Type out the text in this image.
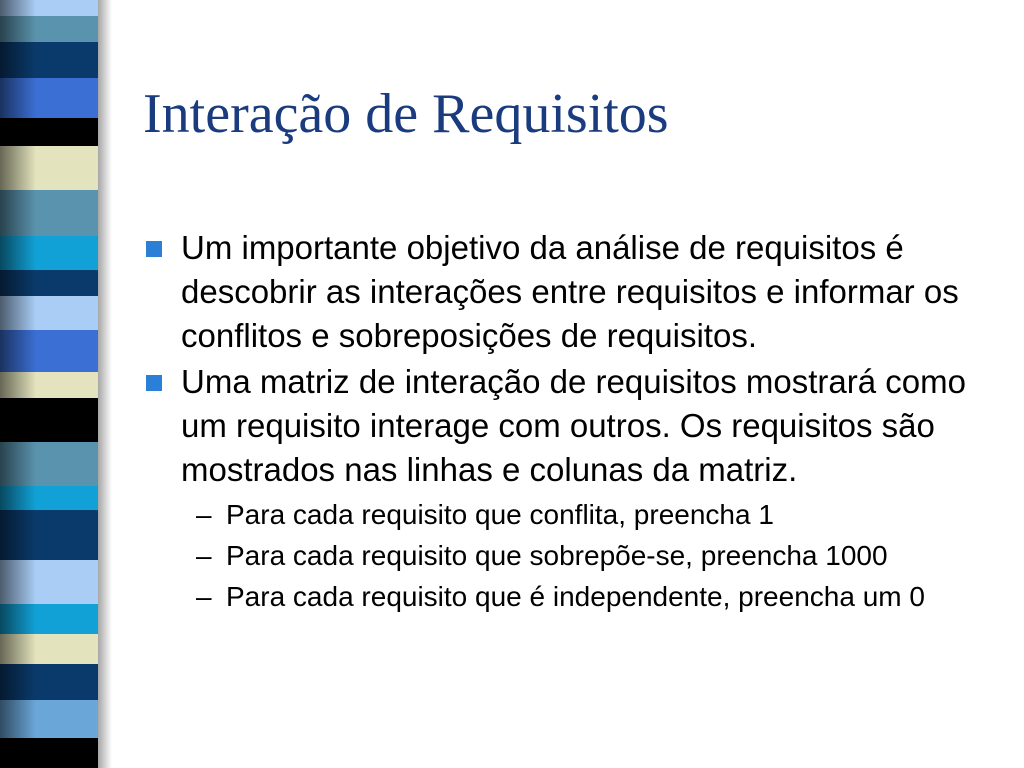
Interação de Requisitos
Um importante objetivo da análise de requisitos é descobrir as interações entre requisitos e informar os conflitos e sobreposições de requisitos.
Uma matriz de interação de requisitos mostrará como um requisito interage com outros. Os requisitos são mostrados nas linhas e colunas da matriz.
– Para cada requisito que conflita, preencha 1
– Para cada requisito que sobrepõe-se, preencha 1000
– Para cada requisito que é independente, preencha um 0
